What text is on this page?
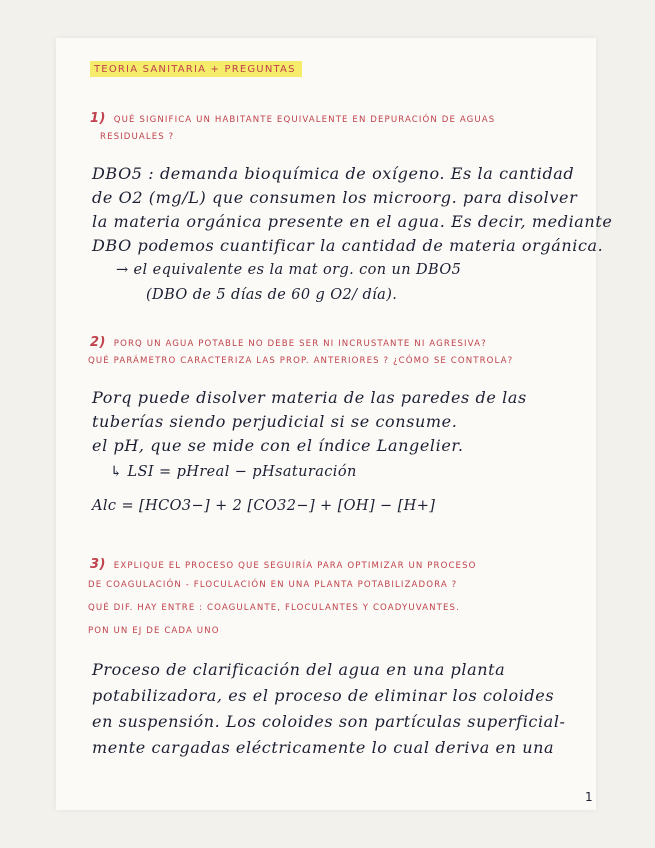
TEORIA SANITARIA + PREGUNTAS
1) QUÉ SIGNIFICA UN HABITANTE EQUIVALENTE EN DEPURACIÓN DE AGUAS
RESIDUALES ?
DBO5 : demanda bioquímica de oxígeno. Es la cantidad
de O2 (mg/L) que consumen los microorg. para disolver
la materia orgánica presente en el agua. Es decir, mediante
DBO podemos cuantificar la cantidad de materia orgánica.
→ el equivalente es la mat org. con un DBO5
(DBO de 5 días de 60 g O2/ día).
2) PORQ UN AGUA POTABLE NO DEBE SER NI INCRUSTANTE NI AGRESIVA?
QUÉ PARÁMETRO CARACTERIZA LAS PROP. ANTERIORES ? ¿CÓMO SE CONTROLA?
Porq puede disolver materia de las paredes de las
tuberías siendo perjudicial si se consume.
el pH, que se mide con el índice Langelier.
↳ LSI = pHreal − pHsaturación
Alc = [HCO3−] + 2 [CO32−] + [OH] − [H+]
3) EXPLIQUE EL PROCESO QUE SEGUIRÍA PARA OPTIMIZAR UN PROCESO
DE COAGULACIÓN - FLOCULACIÓN EN UNA PLANTA POTABILIZADORA ?
QUÉ DIF. HAY ENTRE : COAGULANTE, FLOCULANTES Y COADYUVANTES.
PON UN EJ DE CADA UNO
Proceso de clarificación del agua en una planta
potabilizadora, es el proceso de eliminar los coloides
en suspensión. Los coloides son partículas superficial-
mente cargadas eléctricamente lo cual deriva en una
1
